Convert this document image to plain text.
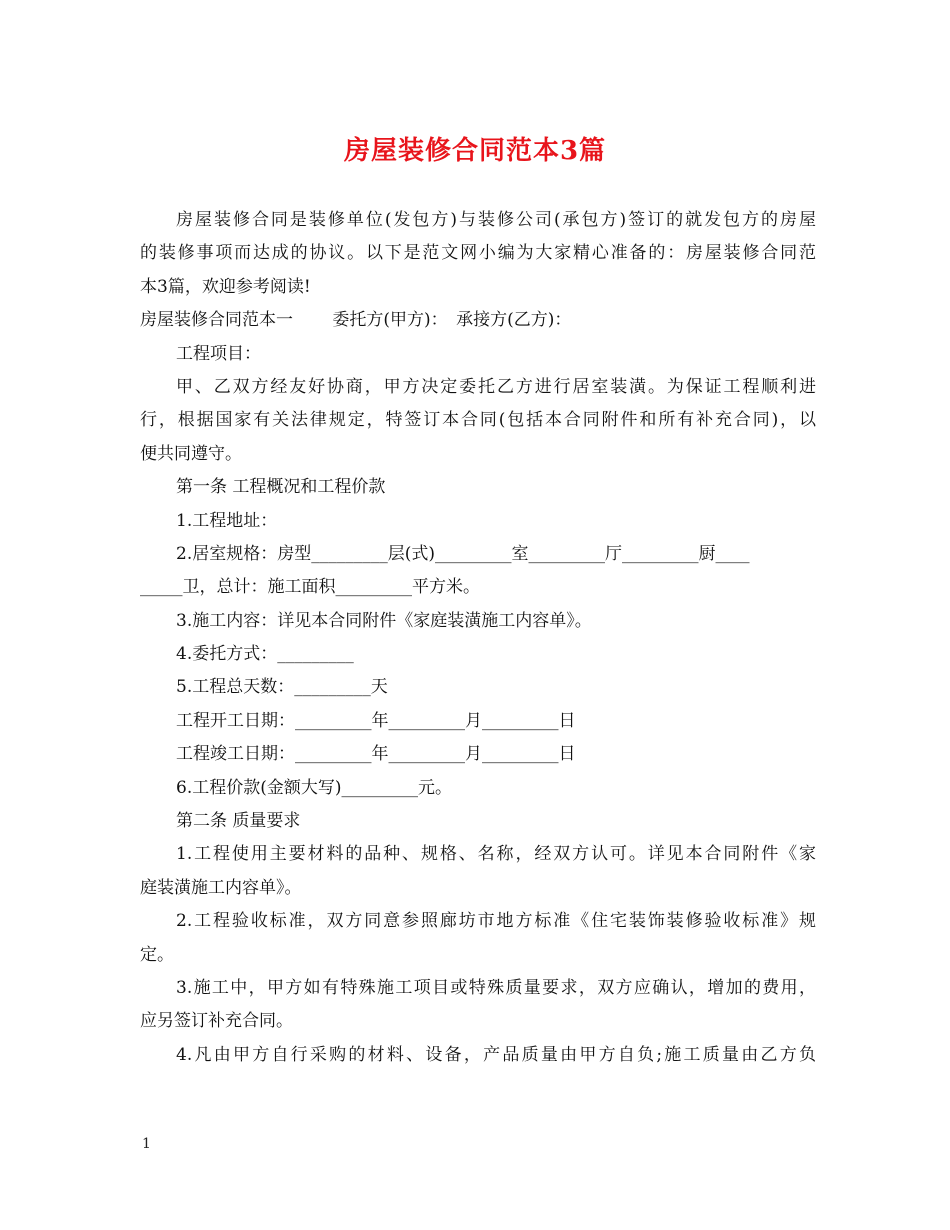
房屋装修合同范本3篇
房屋装修合同是装修单位(发包方)与装修公司(承包方)签订的就发包方的房屋
的装修事项而达成的协议。以下是范文网小编为大家精心准备的：房屋装修合同范
本3篇，欢迎参考阅读!
房屋装修合同范本一　　 委托方(甲方)：　承接方(乙方)：
工程项目：
甲、乙双方经友好协商，甲方决定委托乙方进行居室装潢。为保证工程顺利进
行，根据国家有关法律规定，特签订本合同(包括本合同附件和所有补充合同)，以
便共同遵守。
第一条 工程概况和工程价款
1.工程地址：
2.居室规格：房型_________层(式)_________室_________厅_________厨____
_____卫，总计：施工面积_________平方米。
3.施工内容：详见本合同附件《家庭装潢施工内容单》。
4.委托方式：_________
5.工程总天数：_________天
工程开工日期：_________年_________月_________日
工程竣工日期：_________年_________月_________日
6.工程价款(金额大写)_________元。
第二条 质量要求
1.工程使用主要材料的品种、规格、名称，经双方认可。详见本合同附件《家
庭装潢施工内容单》。
2.工程验收标准，双方同意参照廊坊市地方标准《住宅装饰装修验收标准》规
定。
3.施工中，甲方如有特殊施工项目或特殊质量要求，双方应确认，增加的费用，
应另签订补充合同。
4.凡由甲方自行采购的材料、设备，产品质量由甲方自负;施工质量由乙方负
1
